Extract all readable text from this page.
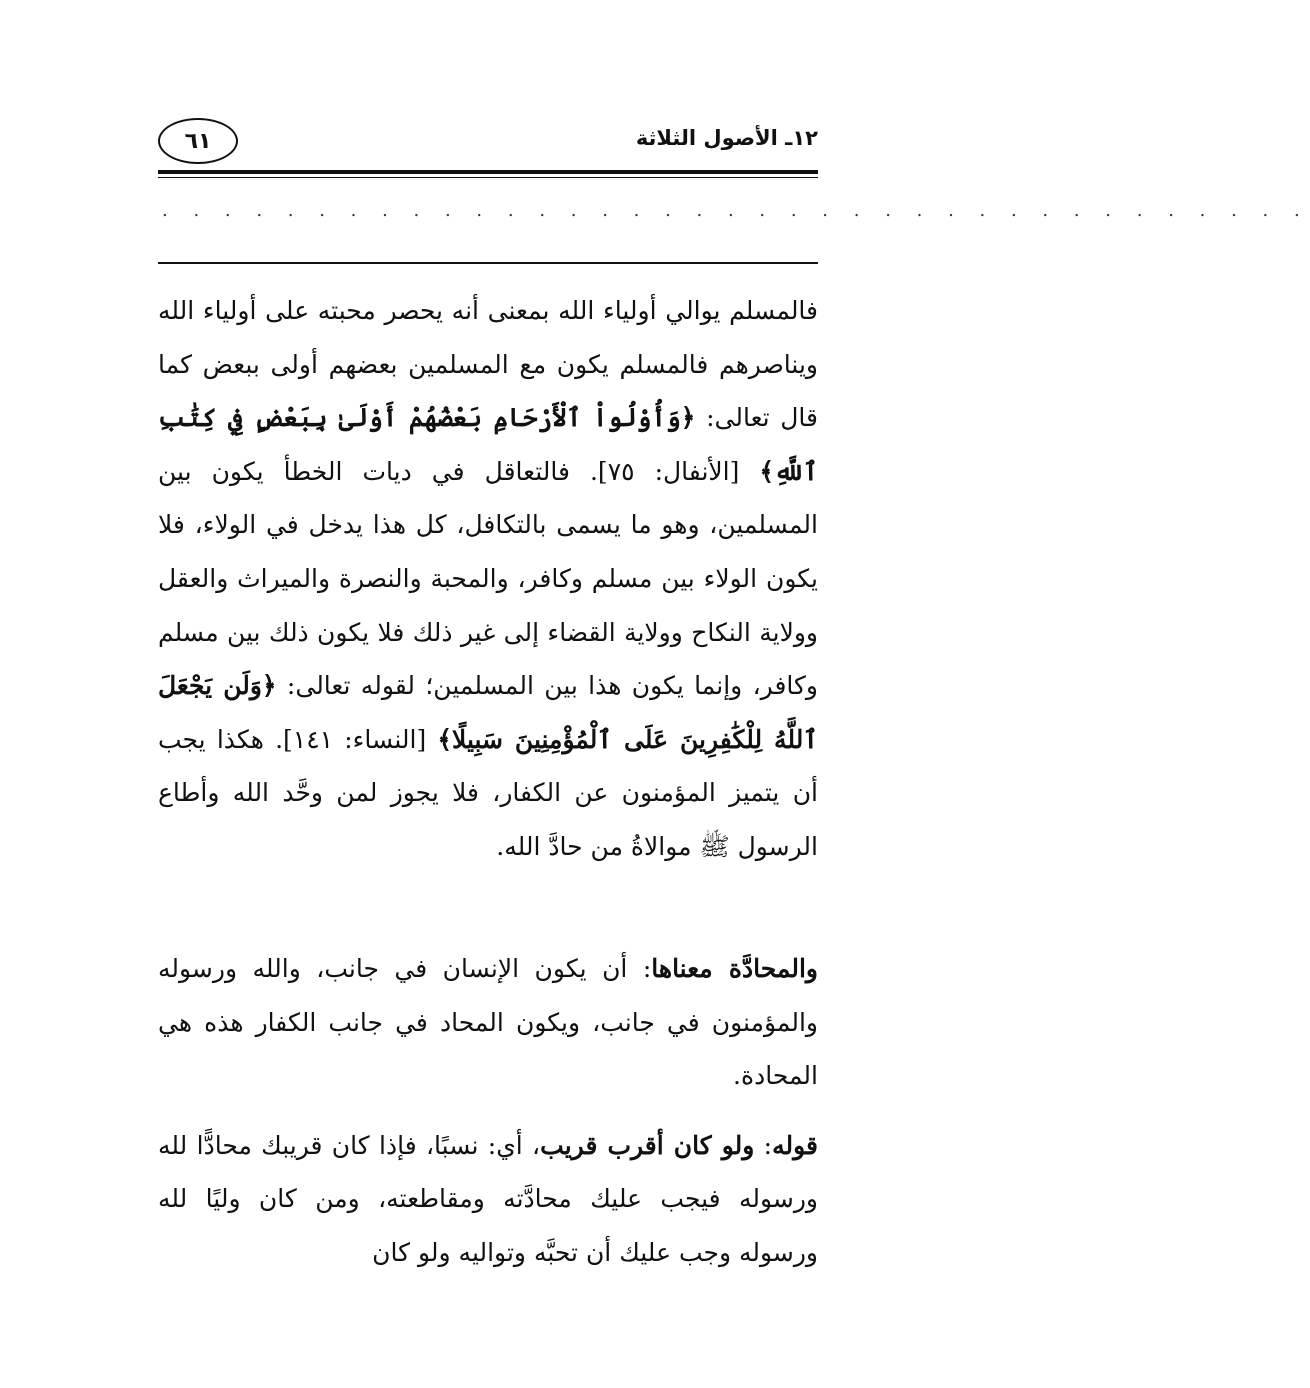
٦١	١٢ـ الأصول الثلاثة
. . . . . . . . . . . . . . . . . . . . . . . . . . . . . . . . . . . . .

فالمسلم يوالي أولياء الله بمعنى أنه يحصر محبته على أولياء الله ويناصرهم فالمسلم يكون مع المسلمين بعضهم أولى ببعض كما قال تعالى: ﴿وَأُوْلُواْ ٱلْأَرْحَامِ بَعْضُهُمْ أَوْلَىٰ بِبَعْضٍ فِي كِتَٰبِ ٱللَّهِ﴾ [الأنفال: ٧٥]. فالتعاقل في ديات الخطأ يكون بين المسلمين، وهو ما يسمى بالتكافل، كل هذا يدخل في الولاء، فلا يكون الولاء بين مسلم وكافر، والمحبة والنصرة والميراث والعقل وولاية النكاح وولاية القضاء إلى غير ذلك فلا يكون ذلك بين مسلم وكافر، وإنما يكون هذا بين المسلمين؛ لقوله تعالى: ﴿وَلَن يَجْعَلَ ٱللَّهُ لِلْكَٰفِرِينَ عَلَى ٱلْمُؤْمِنِينَ سَبِيلًا﴾ [النساء: ١٤١]. هكذا يجب أن يتميز المؤمنون عن الكفار، فلا يجوز لمن وحَّد الله وأطاع الرسول ﷺ موالاةُ من حادَّ الله.

والمحادَّة معناها: أن يكون الإنسان في جانب، والله ورسوله والمؤمنون في جانب، ويكون المحاد في جانب الكفار هذه هي المحادة.

قوله: ولو كان أقرب قريب، أي: نسبًا، فإذا كان قريبك محادًّا لله ورسوله فيجب عليك محادَّته ومقاطعته، ومن كان وليًا لله ورسوله وجب عليك أن تحبَّه وتواليه ولو كان
